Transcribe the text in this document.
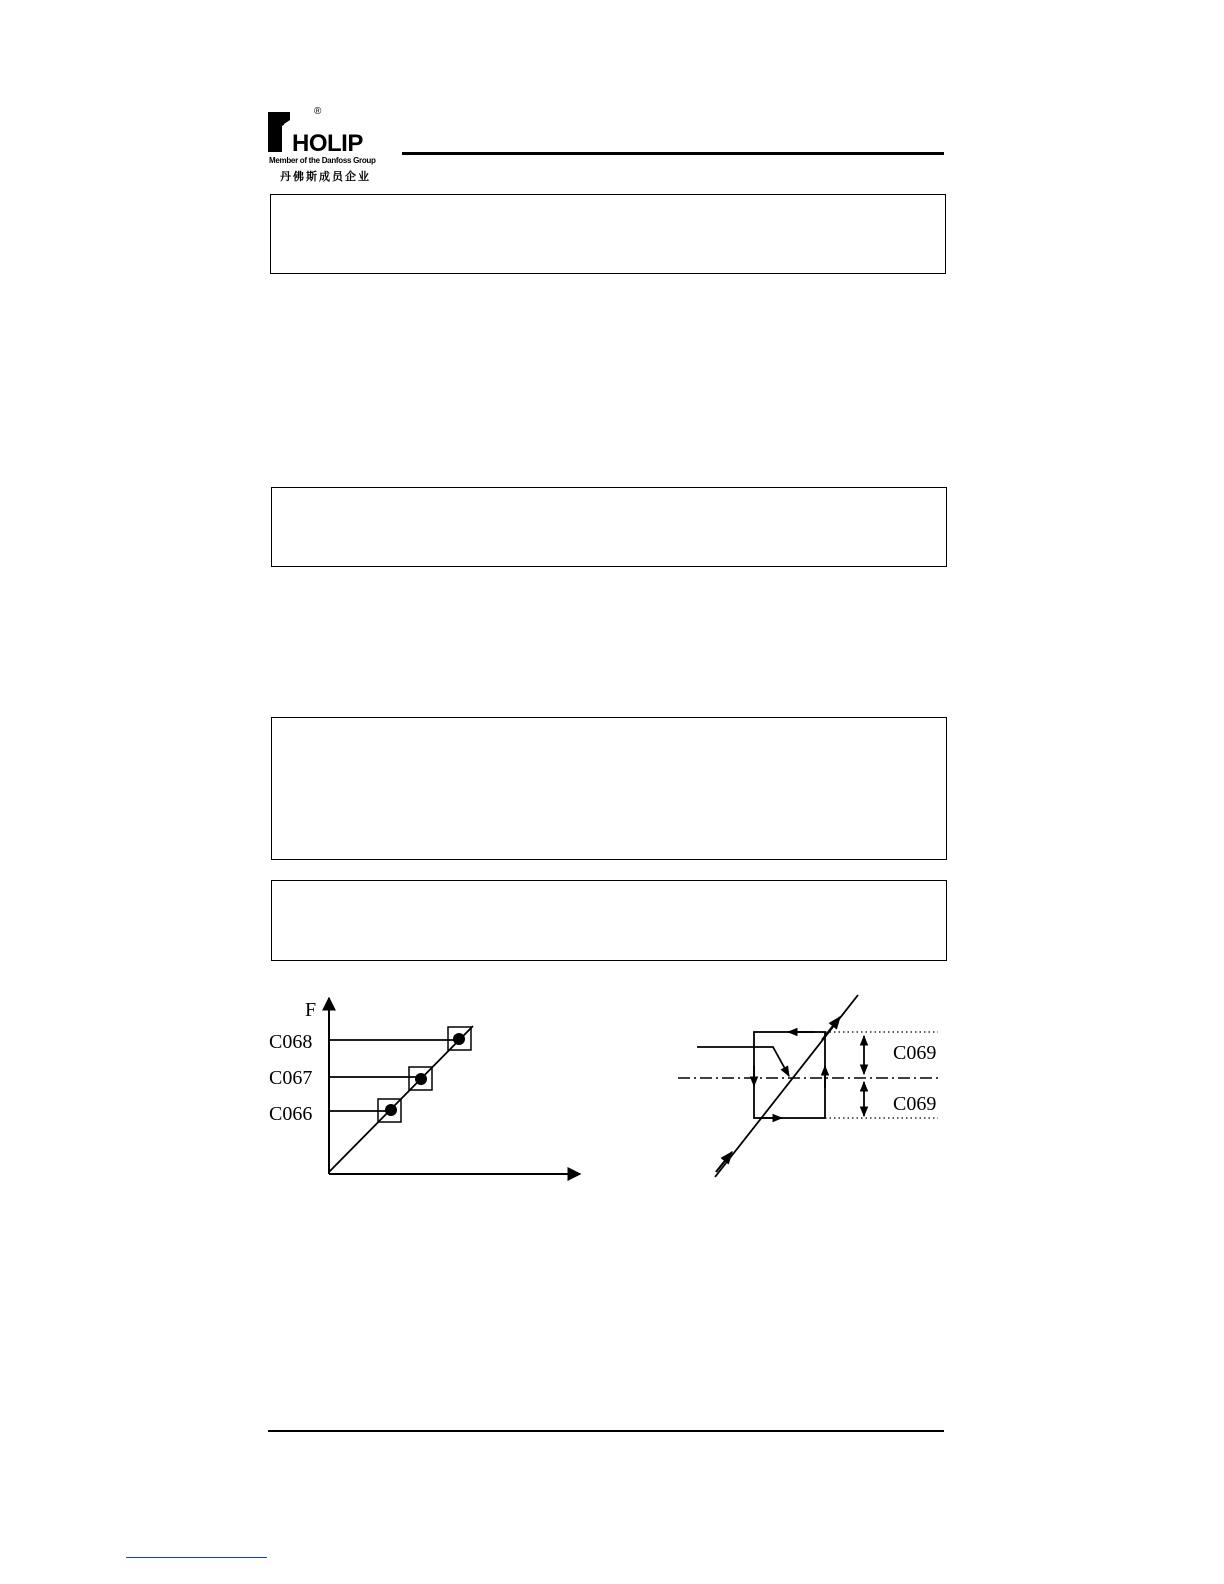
®
HOLIP
Member of the Danfoss Group
丹佛斯成员企业
F
C068
C067
C066
C069
C069
